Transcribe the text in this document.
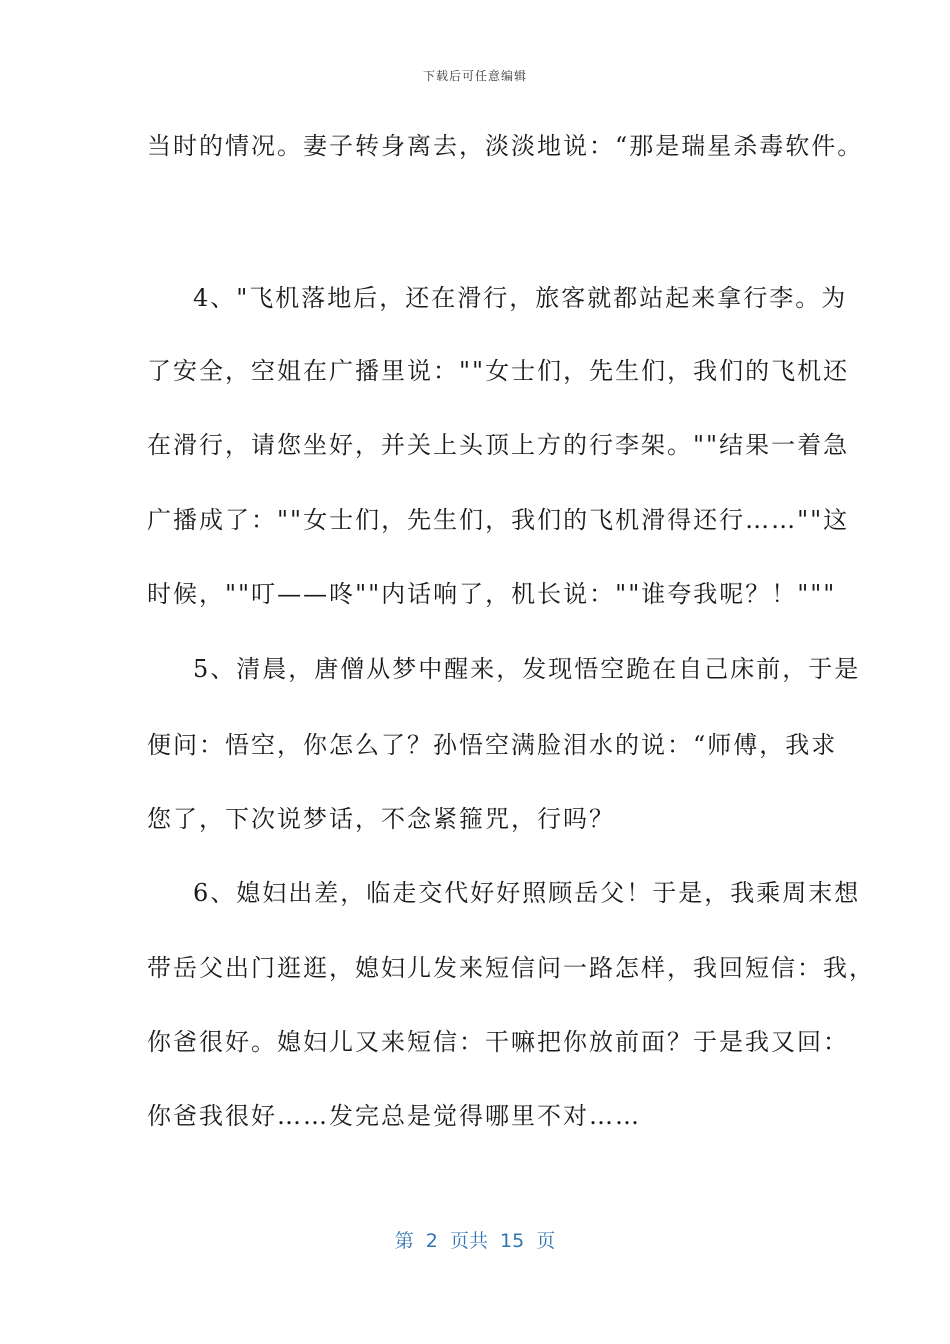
下载后可任意编辑
当时的情况。妻子转身离去，淡淡地说：“那是瑞星杀毒软件。
4、"飞机落地后，还在滑行，旅客就都站起来拿行李。为
了安全，空姐在广播里说：""女士们，先生们，我们的飞机还
在滑行，请您坐好，并关上头顶上方的行李架。""结果一着急
广播成了：""女士们，先生们，我们的飞机滑得还行……""这
时候，""叮——咚""内话响了，机长说：""谁夸我呢？！"""
5、清晨，唐僧从梦中醒来，发现悟空跪在自己床前，于是
便问：悟空，你怎么了？孙悟空满脸泪水的说：“师傅，我求
您了，下次说梦话，不念紧箍咒，行吗？
6、媳妇出差，临走交代好好照顾岳父！于是，我乘周末想
带岳父出门逛逛，媳妇儿发来短信问一路怎样，我回短信：我，
你爸很好。媳妇儿又来短信：干嘛把你放前面？于是我又回：
你爸我很好……发完总是觉得哪里不对……
第  2  页共  15  页
